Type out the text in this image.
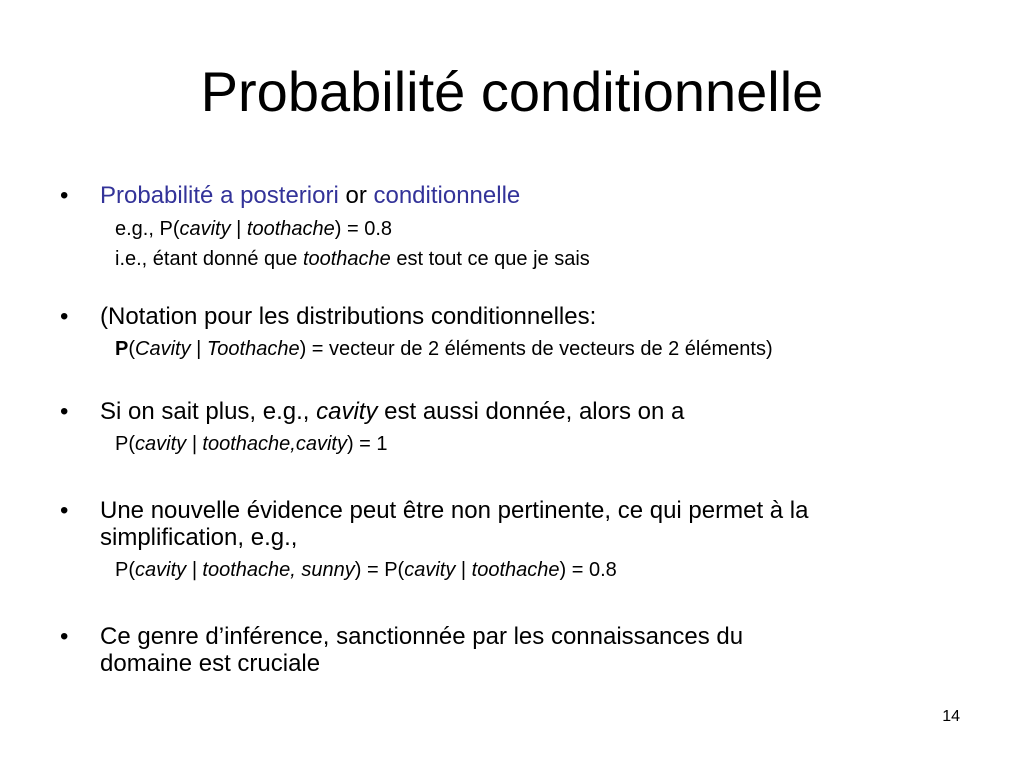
Probabilité conditionnelle
•	Probabilité a posteriori or conditionnelle
e.g., P(cavity | toothache) = 0.8
i.e., étant donné que toothache est tout ce que je sais
•	(Notation pour les distributions conditionnelles:
P(Cavity | Toothache) = vecteur de 2 éléments de vecteurs de 2 éléments)
•	Si on sait plus, e.g., cavity est aussi donnée, alors on a
P(cavity | toothache,cavity) = 1
•	Une nouvelle évidence peut être non pertinente, ce qui permet à la
simplification, e.g.,
P(cavity | toothache, sunny) = P(cavity | toothache) = 0.8
•	Ce genre d’inférence, sanctionnée par les connaissances du
domaine est cruciale
14
